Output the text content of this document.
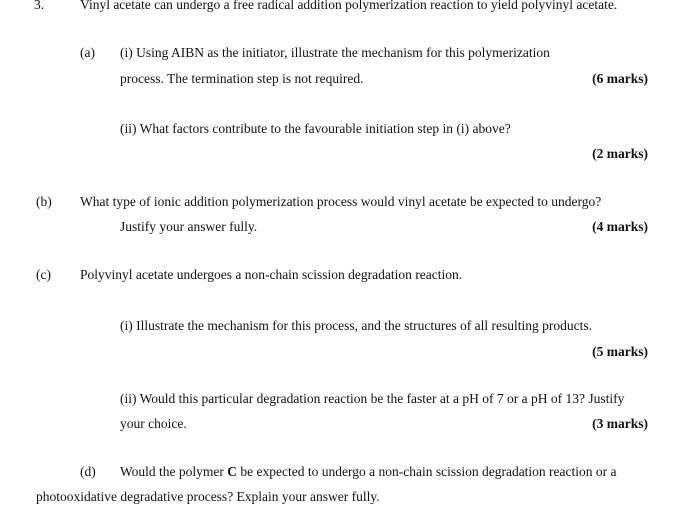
3.	Vinyl acetate can undergo a free radical addition polymerization reaction to yield polyvinyl acetate.
(a) (i) Using AIBN as the initiator, illustrate the mechanism for this polymerization
process. The termination step is not required.	(6 marks)
(ii) What factors contribute to the favourable initiation step in (i) above?
(2 marks)
(b) What type of ionic addition polymerization process would vinyl acetate be expected to undergo?
Justify your answer fully.	(4 marks)
(c) Polyvinyl acetate undergoes a non-chain scission degradation reaction.
(i) Illustrate the mechanism for this process, and the structures of all resulting products.
(5 marks)
(ii) Would this particular degradation reaction be the faster at a pH of 7 or a pH of 13? Justify
your choice.	(3 marks)
(d) Would the polymer C be expected to undergo a non-chain scission degradation reaction or a
photooxidative degradative process? Explain your answer fully.
